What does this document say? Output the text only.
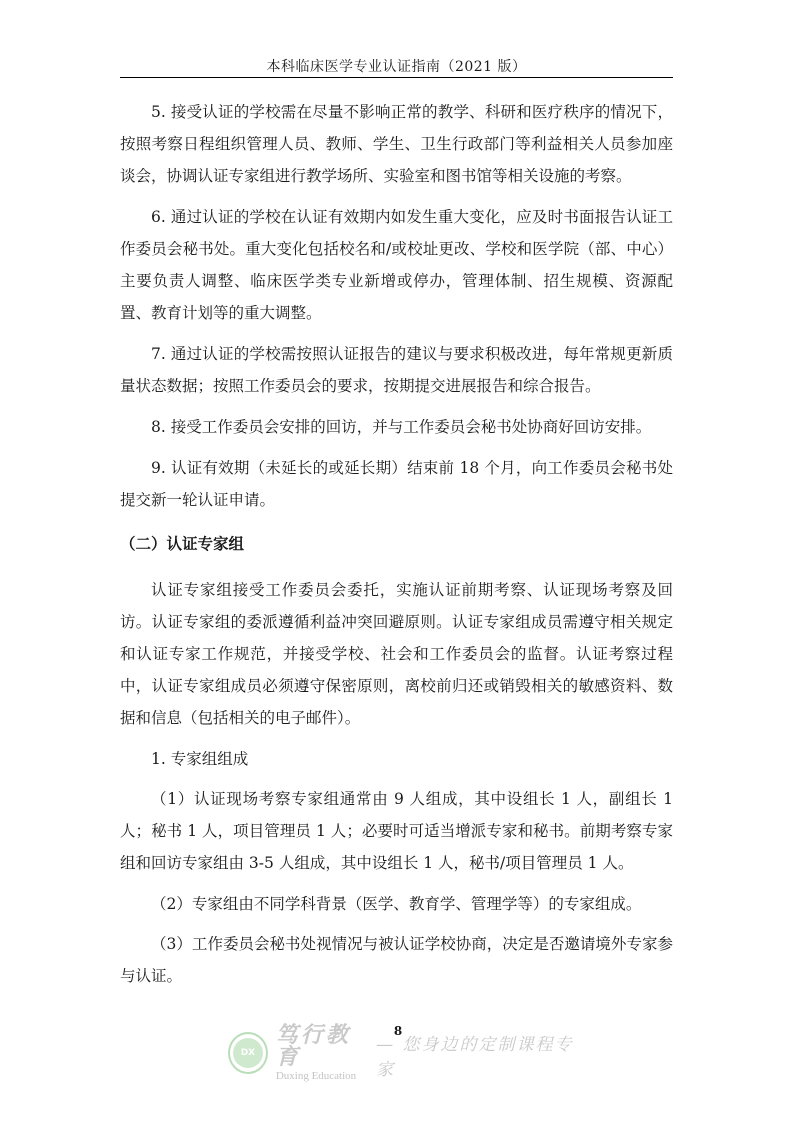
本科临床医学专业认证指南（2021 版）

5. 接受认证的学校需在尽量不影响正常的教学、科研和医疗秩序的情况下，按照考察日程组织管理人员、教师、学生、卫生行政部门等利益相关人员参加座谈会，协调认证专家组进行教学场所、实验室和图书馆等相关设施的考察。

6. 通过认证的学校在认证有效期内如发生重大变化，应及时书面报告认证工作委员会秘书处。重大变化包括校名和/或校址更改、学校和医学院（部、中心）主要负责人调整、临床医学类专业新增或停办，管理体制、招生规模、资源配置、教育计划等的重大调整。

7. 通过认证的学校需按照认证报告的建议与要求积极改进，每年常规更新质量状态数据；按照工作委员会的要求，按期提交进展报告和综合报告。

8. 接受工作委员会安排的回访，并与工作委员会秘书处协商好回访安排。

9. 认证有效期（未延长的或延长期）结束前 18 个月，向工作委员会秘书处提交新一轮认证申请。

（二）认证专家组

认证专家组接受工作委员会委托，实施认证前期考察、认证现场考察及回访。认证专家组的委派遵循利益冲突回避原则。认证专家组成员需遵守相关规定和认证专家工作规范，并接受学校、社会和工作委员会的监督。认证考察过程中，认证专家组成员必须遵守保密原则，离校前归还或销毁相关的敏感资料、数据和信息（包括相关的电子邮件）。

1. 专家组组成

（1）认证现场考察专家组通常由 9 人组成，其中设组长 1 人，副组长 1 人；秘书 1 人，项目管理员 1 人；必要时可适当增派专家和秘书。前期考察专家组和回访专家组由 3-5 人组成，其中设组长 1 人，秘书/项目管理员 1 人。

（2）专家组由不同学科背景（医学、教育学、管理学等）的专家组成。

（3）工作委员会秘书处视情况与被认证学校协商，决定是否邀请境外专家参与认证。

8
DX
笃行教育
Duxing Education
— 您身边的定制课程专家
